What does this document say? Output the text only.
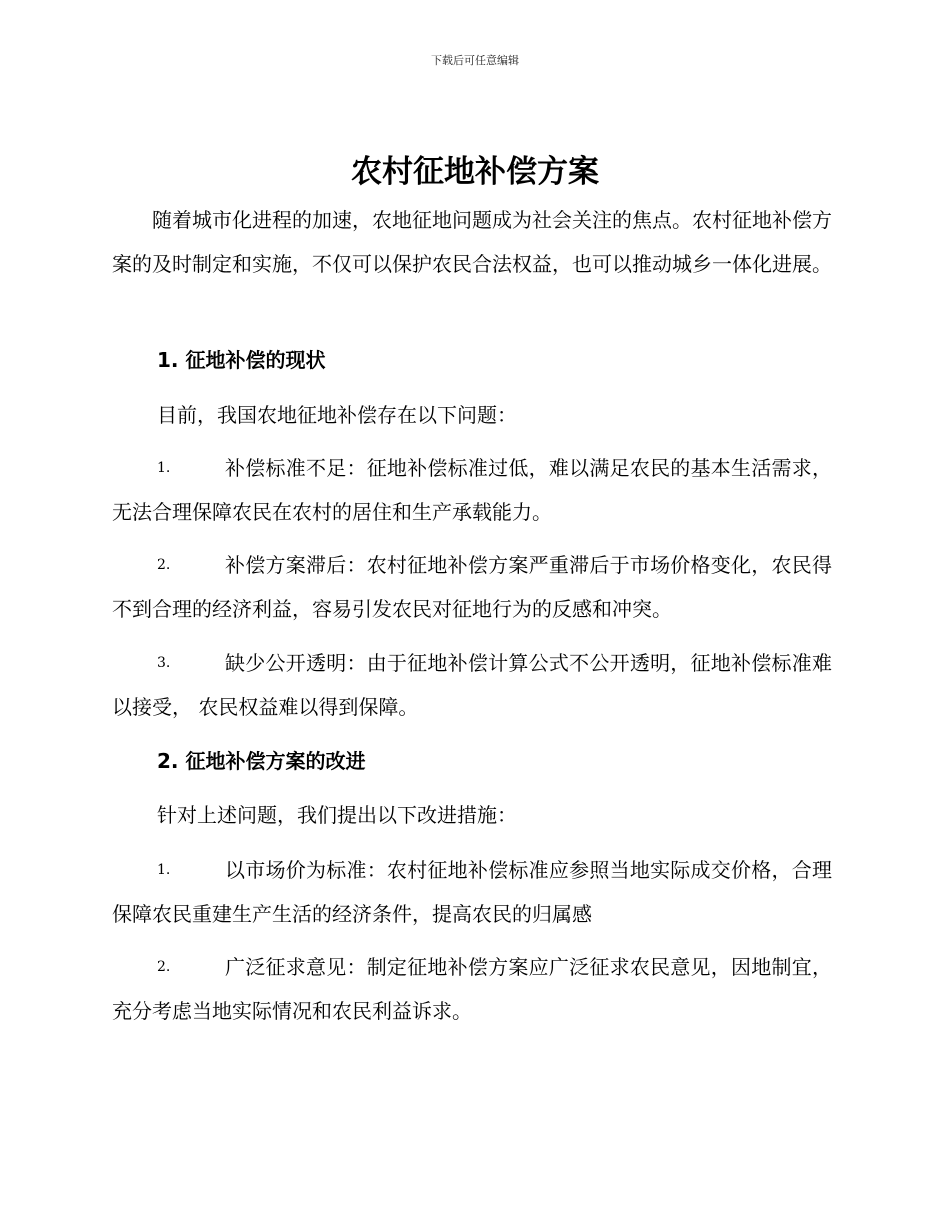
下载后可任意编辑
农村征地补偿方案

随着城市化进程的加速，农地征地问题成为社会关注的焦点。农村征地补偿方案的及时制定和实施，不仅可以保护农民合法权益，也可以推动城乡一体化进展。

1. 征地补偿的现状
目前，我国农地征地补偿存在以下问题：
1.	补偿标准不足：征地补偿标准过低，难以满足农民的基本生活需求，无法合理保障农民在农村的居住和生产承载能力。

2.	补偿方案滞后：农村征地补偿方案严重滞后于市场价格变化，农民得不到合理的经济利益，容易引发农民对征地行为的反感和冲突。

3.	缺少公开透明：由于征地补偿计算公式不公开透明，征地补偿标准难以接受， 农民权益难以得到保障。

2. 征地补偿方案的改进
针对上述问题，我们提出以下改进措施：
1.	以市场价为标准：农村征地补偿标准应参照当地实际成交价格，合理保障农民重建生产生活的经济条件，提高农民的归属感

2.	广泛征求意见：制定征地补偿方案应广泛征求农民意见，因地制宜，充分考虑当地实际情况和农民利益诉求。
